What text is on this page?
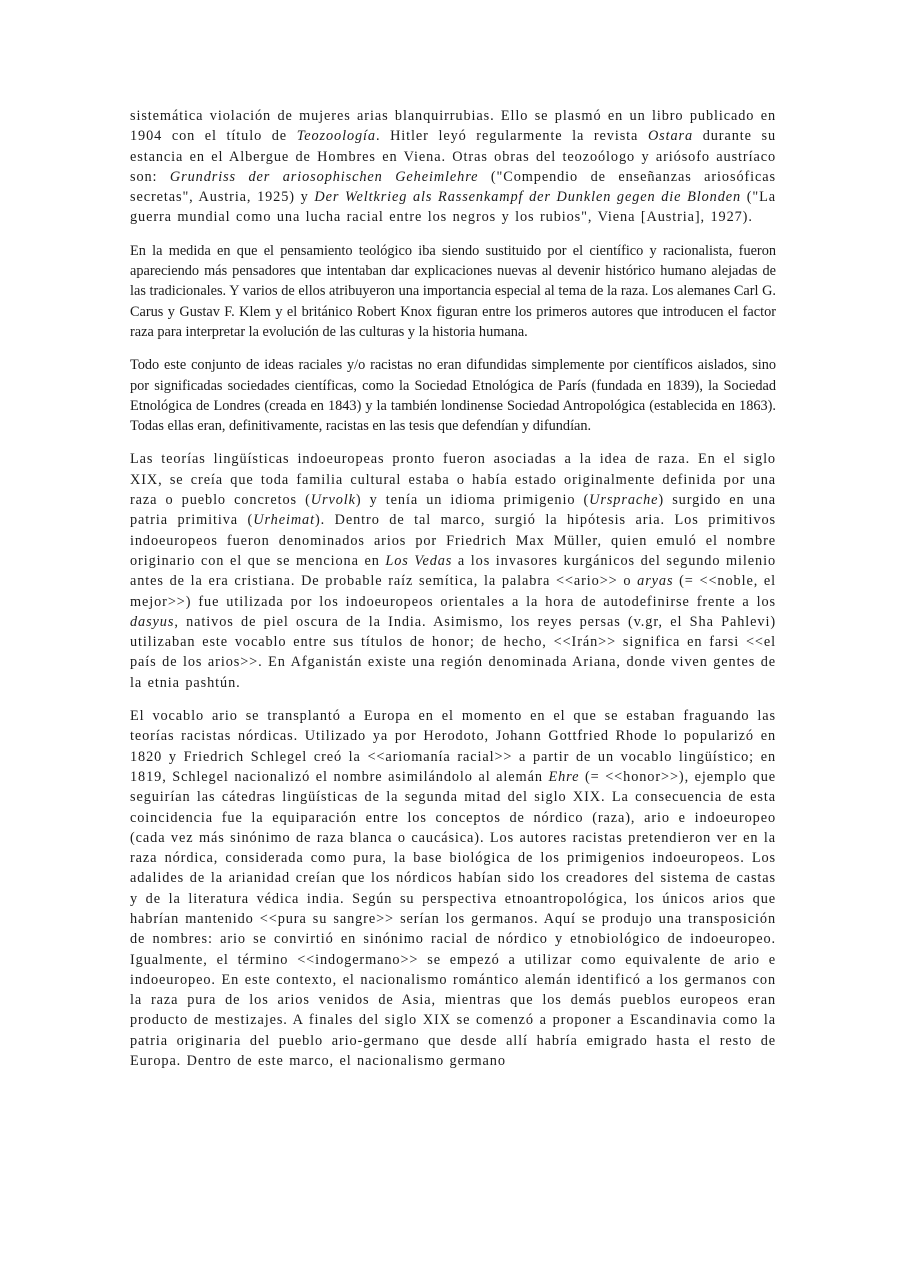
sistemática violación de mujeres arias blanquirrubias. Ello se plasmó en un libro publicado en 1904 con el título de Teozoología. Hitler leyó regularmente la revista Ostara durante su estancia en el Albergue de Hombres en Viena. Otras obras del teozoólogo y ariósofo austríaco son: Grundriss der ariosophischen Geheimlehre ("Compendio de enseñanzas ariosóficas secretas", Austria, 1925) y Der Weltkrieg als Rassenkampf der Dunklen gegen die Blonden ("La guerra mundial como una lucha racial entre los negros y los rubios", Viena [Austria], 1927).

En la medida en que el pensamiento teológico iba siendo sustituido por el científico y racionalista, fueron apareciendo más pensadores que intentaban dar explicaciones nuevas al devenir histórico humano alejadas de las tradicionales. Y varios de ellos atribuyeron una importancia especial al tema de la raza. Los alemanes Carl G. Carus y Gustav F. Klem y el británico Robert Knox figuran entre los primeros autores que introducen el factor raza para interpretar la evolución de las culturas y la historia humana.

Todo este conjunto de ideas raciales y/o racistas no eran difundidas simplemente por científicos aislados, sino por significadas sociedades científicas, como la Sociedad Etnológica de París (fundada en 1839), la Sociedad Etnológica de Londres (creada en 1843) y la también londinense Sociedad Antropológica (establecida en 1863). Todas ellas eran, definitivamente, racistas en las tesis que defendían y difundían.

Las teorías lingüísticas indoeuropeas pronto fueron asociadas a la idea de raza. En el siglo XIX, se creía que toda familia cultural estaba o había estado originalmente definida por una raza o pueblo concretos (Urvolk) y tenía un idioma primigenio (Ursprache) surgido en una patria primitiva (Urheimat). Dentro de tal marco, surgió la hipótesis aria. Los primitivos indoeuropeos fueron denominados arios por Friedrich Max Müller, quien emuló el nombre originario con el que se menciona en Los Vedas a los invasores kurgánicos del segundo milenio antes de la era cristiana. De probable raíz semítica, la palabra <<ario>> o aryas (= <<noble, el mejor>>) fue utilizada por los indoeuropeos orientales a la hora de autodefinirse frente a los dasyus, nativos de piel oscura de la India. Asimismo, los reyes persas (v.gr, el Sha Pahlevi) utilizaban este vocablo entre sus títulos de honor; de hecho, <<Irán>> significa en farsi <<el país de los arios>>. En Afganistán existe una región denominada Ariana, donde viven gentes de la etnia pashtún.

El vocablo ario se transplantó a Europa en el momento en el que se estaban fraguando las teorías racistas nórdicas. Utilizado ya por Herodoto, Johann Gottfried Rhode lo popularizó en 1820 y Friedrich Schlegel creó la <<ariomanía racial>> a partir de un vocablo lingüístico; en 1819, Schlegel nacionalizó el nombre asimilándolo al alemán Ehre (= <<honor>>), ejemplo que seguirían las cátedras lingüísticas de la segunda mitad del siglo XIX. La consecuencia de esta coincidencia fue la equiparación entre los conceptos de nórdico (raza), ario e indoeuropeo (cada vez más sinónimo de raza blanca o caucásica). Los autores racistas pretendieron ver en la raza nórdica, considerada como pura, la base biológica de los primigenios indoeuropeos. Los adalides de la arianidad creían que los nórdicos habían sido los creadores del sistema de castas y de la literatura védica india. Según su perspectiva etnoantropológica, los únicos arios que habrían mantenido <<pura su sangre>> serían los germanos. Aquí se produjo una transposición de nombres: ario se convirtió en sinónimo racial de nórdico y etnobiológico de indoeuropeo. Igualmente, el término <<indogermano>> se empezó a utilizar como equivalente de ario e indoeuropeo. En este contexto, el nacionalismo romántico alemán identificó a los germanos con la raza pura de los arios venidos de Asia, mientras que los demás pueblos europeos eran producto de mestizajes. A finales del siglo XIX se comenzó a proponer a Escandinavia como la patria originaria del pueblo ario-germano que desde allí habría emigrado hasta el resto de Europa. Dentro de este marco, el nacionalismo germano
